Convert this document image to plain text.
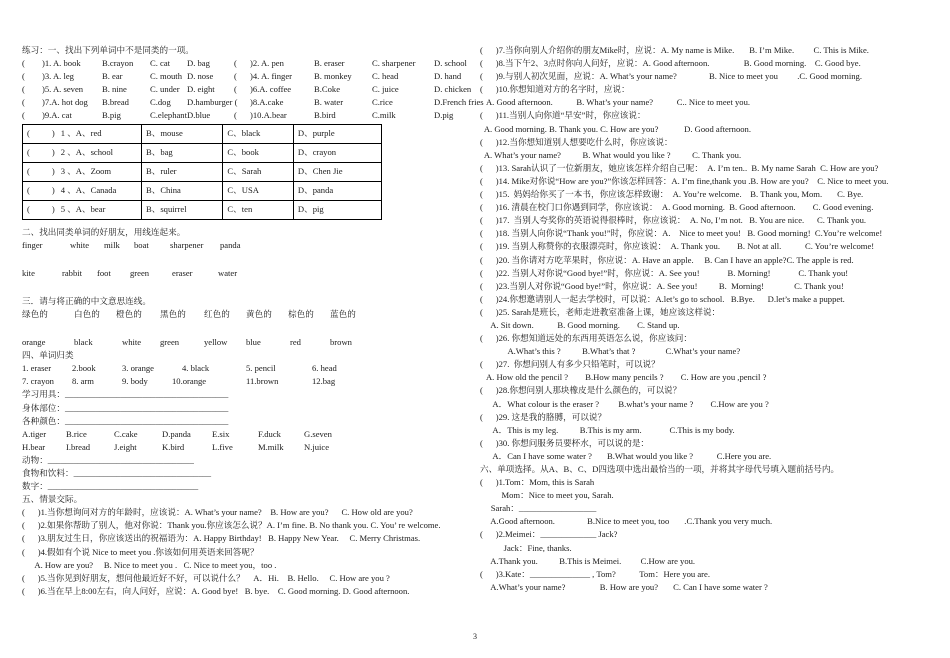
练习：一、找出下列单词中不是同类的一项。
( )1. A. book B.crayon C. cat D. bag	( )2. A. pen	B. eraser	C. sharpener D. school
( )3. A. leg	B. ear	C. mouth D. nose ( )4. A. finger	B. monkey C. head	D. hand
( )5. A. seven B. nine	C. under D. eight ( )6.A. coffee	B.Coke	C. juice	D. chicken
( )7.A. hot dog B.bread C.dog D.hamburger ( )8.A.cake	B. water	C.rice	D.French fries
( )9.A. cat	B.pig	C.elephant D.blue	( )10.A.bear	B.bird	C.milk	D.pig
( ) 1 、A、red	B、mouse	C、black	D、purple
( ) 2 、A、school	B、bag	C、book	D、crayon
( ) 3 、A、Zoom	B、ruler	C、Sarah	D、Chen Jie
( ) 4 、A、Canada	B、China	C、USA	D、panda
( ) 5 、A、bear	B、squirrel	C、ten	D、pig
二、找出同类单词的好朋友，用线连起来。
finger	white milk boat sharpener panda
kite	rabbit foot green	eraser	water
三．请与将正确的中文意思连线。
绿色的	白色的 橙色的 黑色的 红色的 黄色的 棕色的 蓝色的
orange	black	white green	yellow blue	red	brown
四、单词归类
1. eraser 2.book	3. orange	4. black	5. pencil	6. head
7. crayon 8. arm	9. body	10.orange	11.brown	12.bag
学习用具：______________________________________
身体部位：______________________________________
各种颜色：______________________________________
A.tiger B.rice	C.cake	D.panda E.six	F.duck	G.seven
H.bear I.bread	J.eight	K.bird	L.five	M.milk N.juice
动物：__________________________________
食物和饮料：________________________________
数字：___________________________________
五、情景交际。
(      )1.当你想询问对方的年龄时，应该说：A. What’s your name?    B. How are you?      C. How old are you?
(      )2.如果你帮助了别人，他对你说：Thank you.你应该怎么说？A. I’m fine. B. No thank you. C. You’ re welcome.
(      )3.朋友过生日，你应该送出的祝福语为：A. Happy Birthday!   B. Happy New Year.     C. Merry Christmas.
(      )4.假如有个说 Nice to meet you .你该如何用英语来回答呢？
A. How are you?     B. Nice to meet you .   C. Nice to meet you，too .
(      )5.当你见到好朋友，想问他最近好不好，可以说什么？    A．Hi.    B. Hello.     C. How are you ?
(      )6.当在早上8:00左右，向人问好，应说：A. Good bye!   B. bye.    C. Good morning. D. Good afternoon.
(      )7.当你向别人介绍你的朋友Mike时，应说：A. My name is Mike.       B. I’m Mike.         C. This is Mike.
(      )8.当下午2、3点时你向人问好，应说：A. Good afternoon.                B. Good morning.    C. Good bye.
(      )9.与别人初次见面，应说：A. What’s your name?               B. Nice to meet you         .C. Good morning.
(      )10.你想知道对方的名字时，应说：
A. Good afternoon.           B. What’s your name?           C.. Nice to meet you.
(      )11.当别人向你道“早安”时，你应该说：
A. Good morning. B. Thank you. C. How are you?            D. Good afternoon.
(      )12.当你想知道别人想要吃什么时，你应该说：
A. What’s your name?          B. What would you like ?          C. Thank you.
(      )13. Sarah认识了一位新朋友，她应该怎样介绍自己呢：  A. I’m ten..  B. My name Sarah  C. How are you?
(      )14. Mike对你说“How are you?”你该怎样回答：A. I’m fine,thank you .B. How are you?    C. Nice to meet you.
(      )15.  妈妈给你买了一本书，你应该怎样致谢：  A. You’re welcome.    B. Thank you, Mom.       C. Bye.
(      )16. 清晨在校门口你遇到同学，你应该说：  A. Good morning.  B. Good afternoon.        C. Good evening.
(      )17.  当别人夸奖你的英语说得很棒时，你应该说：  A. No, I’m not.   B. You are nice.      C. Thank you.
(      )18. 当别人向你说“Thank you!”时，你应说：A.    Nice to meet you!   B. Good morning!  C.You’re welcome!
(      )19. 当别人称赞你的衣服漂亮时，你应该说：  A. Thank you.        B. Not at all.           C. You’re welcome!
(      )20. 当你请对方吃苹果时，你应说：A. Have an apple.     B. Can I have an apple?C. The apple is red.
(      )22. 当别人对你说“Good bye!”时，你应说：A. See you!             B. Morning!             C. Thank you!
(      )23.当别人对你说“Good bye!”时，你应说：A. See you!          B.  Morning!              C. Thank you!
(      )24.你想邀请别人一起去学校时，可以说：A.let’s go to school.   B.Bye.      D.let’s make a puppet.
(      )25. Sarah是班长，老师走进教室准备上课，她应该这样说：
A. Sit down.           B. Good morning.        C. Stand up.
(      )26. 你想知道远处的东西用英语怎么说，你应该问：
A.What’s this ?          B.What’s that ?              C.What’s your name?
(      )27.  你想问别人有多少只铅笔时，可以说？
A. How old the pencil ?        B.How many pencils ?        C. How are you ,pencil ?
(      )28.你想问别人那块橡皮是什么颜色的，可以说？
A．What colour is the eraser ?         B.what’s your name ?        C.How are you ?
(      )29. 这是我的胳膊，可以说？
A．This is my leg.          B.This is my arm.             C.This is my body.
(      )30. 你想问服务员要杯水，可以说的是：
A．Can I have some water ?       B.What would you like ?           C.Here you are.
六、单项选择。从A、B、C、D四选项中选出最恰当的一项，并将其字母代号填入题前括号内。
(      )1.Tom：Mom, this is Sarah
Mom：Nice to meet you, Sarah.
Sarah：__________________
A.Good afternoon.               B.Nice to meet you, too       .C.Thank you very much.
(      )2.Meimei：_____________ Jack?
Jack：Fine, thanks.
A.Thank you.          B.This is Meimei.         C.How are you.
(      )3.Kate：______________ , Tom?           Tom：Here you are.
A.What’s your name?                B. How are you?       C. Can I have some water ?
3
